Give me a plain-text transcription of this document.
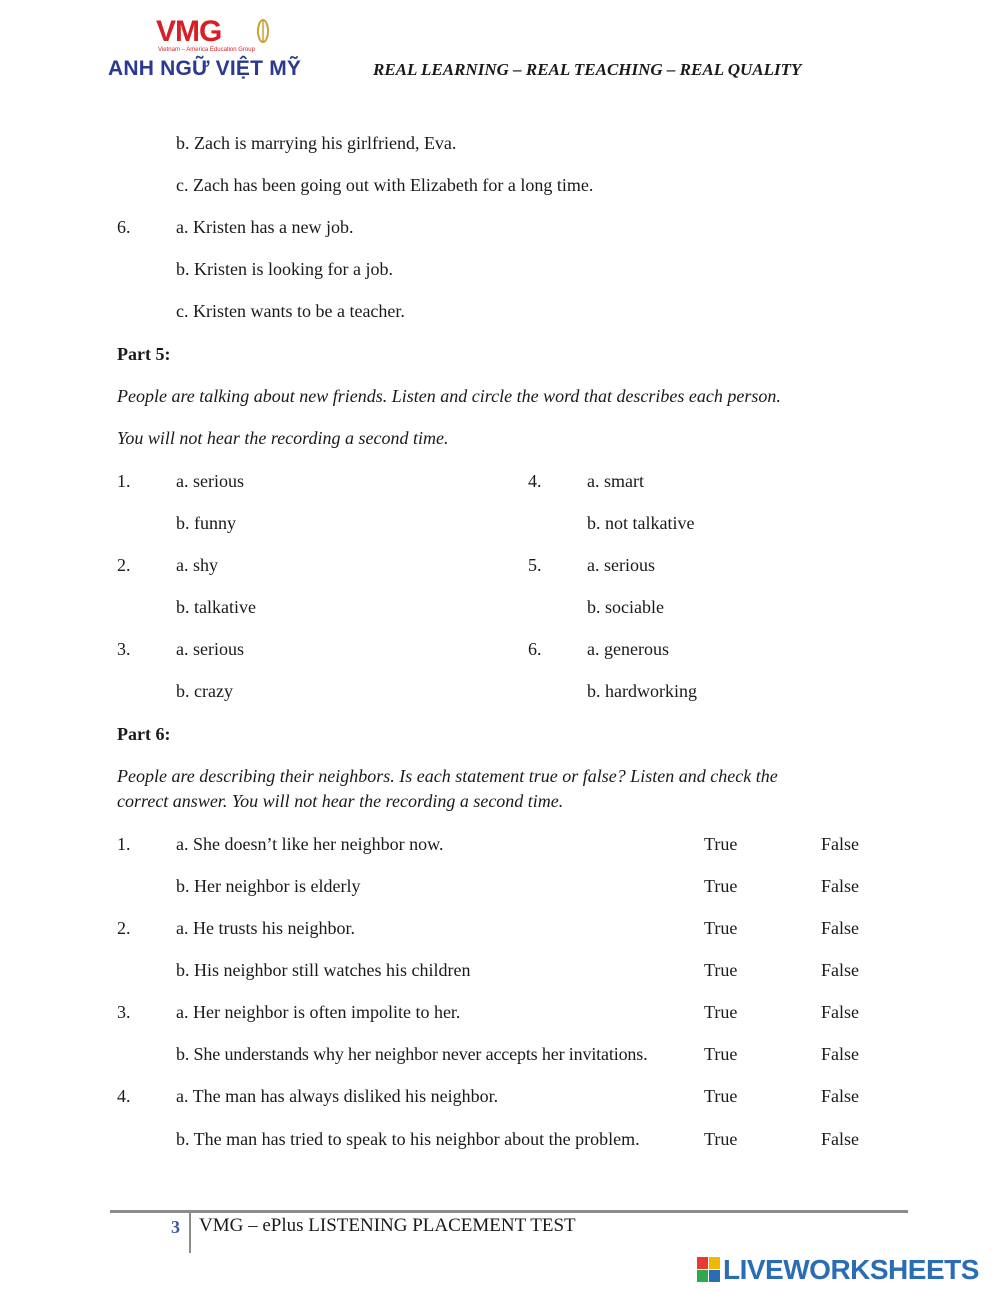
VMG
Vietnam – America Education Group
ANH NGỮ VIỆT MỸ	REAL LEARNING – REAL TEACHING – REAL QUALITY
b. Zach is marrying his girlfriend, Eva.
c. Zach has been going out with Elizabeth for a long time.
6.	a. Kristen has a new job.
b. Kristen is looking for a job.
c. Kristen wants to be a teacher.
Part 5:
People are talking about new friends. Listen and circle the word that describes each person.
You will not hear the recording a second time.
1.	a. serious
b. funny
2.	a. shy
b. talkative
3.	a. serious
b. crazy
4.	a. smart
b. not talkative
5.	a. serious
b. sociable
6.	a. generous
b. hardworking
Part 6:
People are describing their neighbors. Is each statement true or false? Listen and check the
correct answer. You will not hear the recording a second time.
1.	a. She doesn’t like her neighbor now.	True	False
b. Her neighbor is elderly	True	False
2.	a. He trusts his neighbor.	True	False
b. His neighbor still watches his children	True	False
3.	a. Her neighbor is often impolite to her.	True	False
b. She understands why her neighbor never accepts her invitations.	True	False
4.	a. The man has always disliked his neighbor.	True	False
b. The man has tried to speak to his neighbor about the problem.	True	False
3 VMG – ePlus LISTENING PLACEMENT TEST
LIVEWORKSHEETS
